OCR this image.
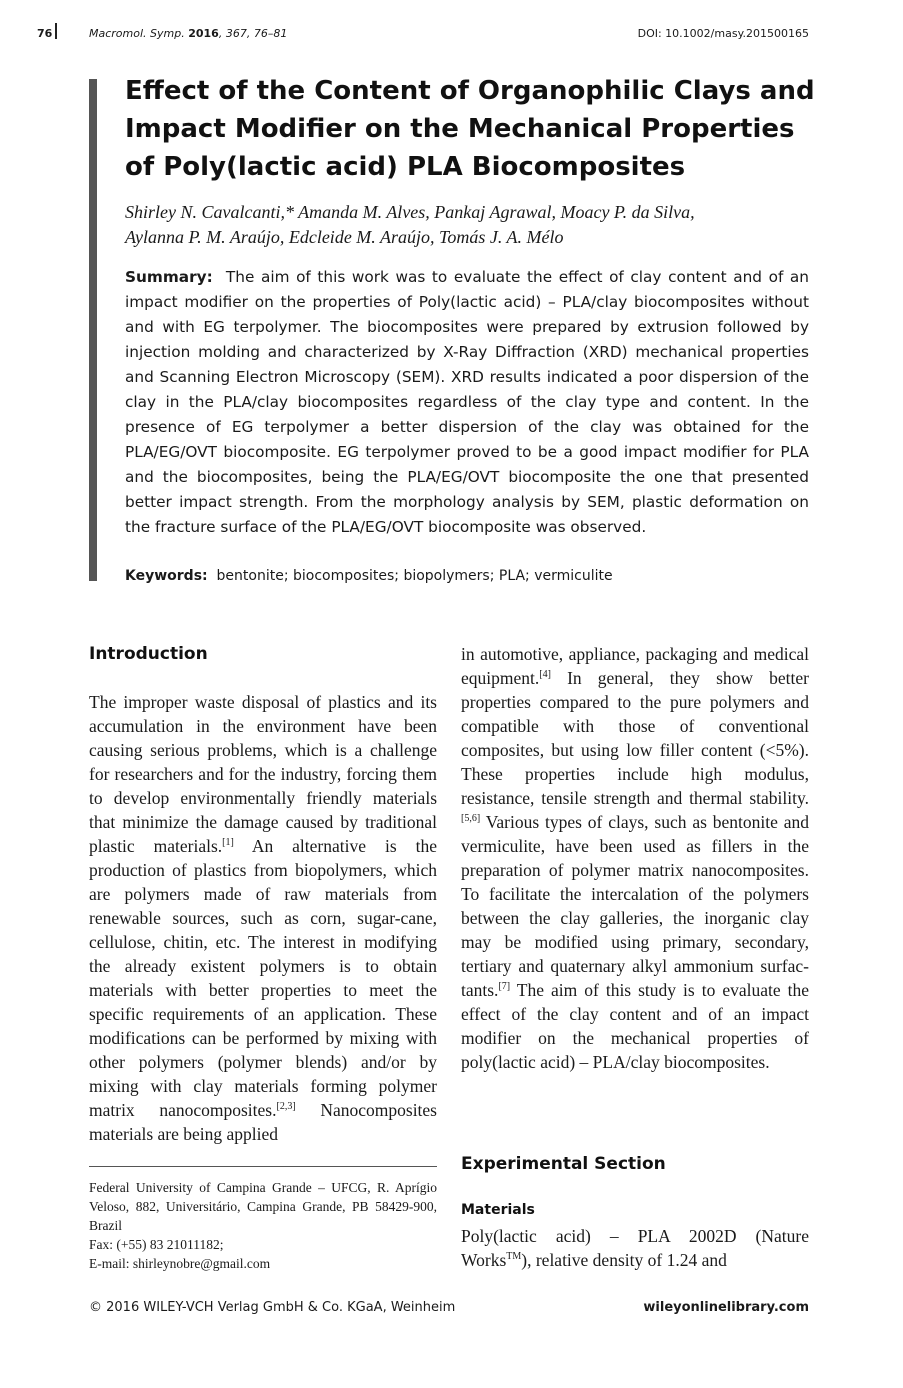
76	Macromol. Symp. 2016, 367, 76–81	DOI: 10.1002/masy.201500165
Effect of the Content of Organophilic Clays and Impact Modifier on the Mechanical Properties of Poly(lactic acid) PLA Biocomposites

Shirley N. Cavalcanti,* Amanda M. Alves, Pankaj Agrawal, Moacy P. da Silva,
Aylanna P. M. Araújo, Edcleide M. Araújo, Tomás J. A. Mélo

Summary: The aim of this work was to evaluate the effect of clay content and of an impact modifier on the properties of Poly(lactic acid) – PLA/clay biocomposites without and with EG terpolymer. The biocomposites were prepared by extrusion followed by injection molding and characterized by X-Ray Diffraction (XRD) mechanical properties and Scanning Electron Microscopy (SEM). XRD results indicated a poor dispersion of the clay in the PLA/clay biocomposites regardless of the clay type and content. In the presence of EG terpolymer a better dispersion of the clay was obtained for the PLA/EG/OVT biocomposite. EG terpolymer proved to be a good impact modifier for PLA and the biocomposites, being the PLA/EG/OVT biocomposite the one that presented better impact strength. From the morphology analysis by SEM, plastic deformation on the fracture surface of the PLA/EG/OVT biocomposite was observed.

Keywords: bentonite; biocomposites; biopolymers; PLA; vermiculite

Introduction

The improper waste disposal of plastics and its accumulation in the environment have been causing serious problems, which is a challenge for researchers and for the industry, forcing them to develop environmentally friendly materials that minimize the damage caused by traditional plastic materials.[1] An alternative is the production of plastics from biopolymers, which are polymers made of raw materials from renewable sources, such as corn, sugar-cane, cellulose, chitin, etc. The interest in modifying the already existent polymers is to obtain materials with better properties to meet the specific requirements of an application. These modifications can be performed by mixing with other polymers (polymer blends) and/or by mixing with clay materials forming polymer matrix nanocomposites.[2,3] Nanocomposites materials are being applied

in automotive, appliance, packaging and medical equipment.[4] In general, they show better properties compared to the pure polymers and compatible with those of conventional composites, but using low filler content (<5%). These properties include high modulus, resistance, tensile strength and thermal stability.[5,6] Various types of clays, such as bentonite and vermiculite, have been used as fillers in the preparation of polymer matrix nanocomposites. To facilitate the intercalation of the polymers between the clay galleries, the inorganic clay may be modified using primary, secondary, tertiary and quaternary alkyl ammonium surfac-tants.[7] The aim of this study is to evaluate the effect of the clay content and of an impact modifier on the mechanical properties of poly(lactic acid) – PLA/clay biocomposites.

Federal University of Campina Grande – UFCG, R. Aprígio Veloso, 882, Universitário, Campina Grande, PB 58429-900, Brazil
Fax: (+55) 83 21011182;
E-mail: shirleynobre@gmail.com

Experimental Section
Materials

Poly(lactic acid) – PLA 2002D (Nature Works™), relative density of 1.24 and

© 2016 WILEY-VCH Verlag GmbH & Co. KGaA, Weinheim	wileyonlinelibrary.com
